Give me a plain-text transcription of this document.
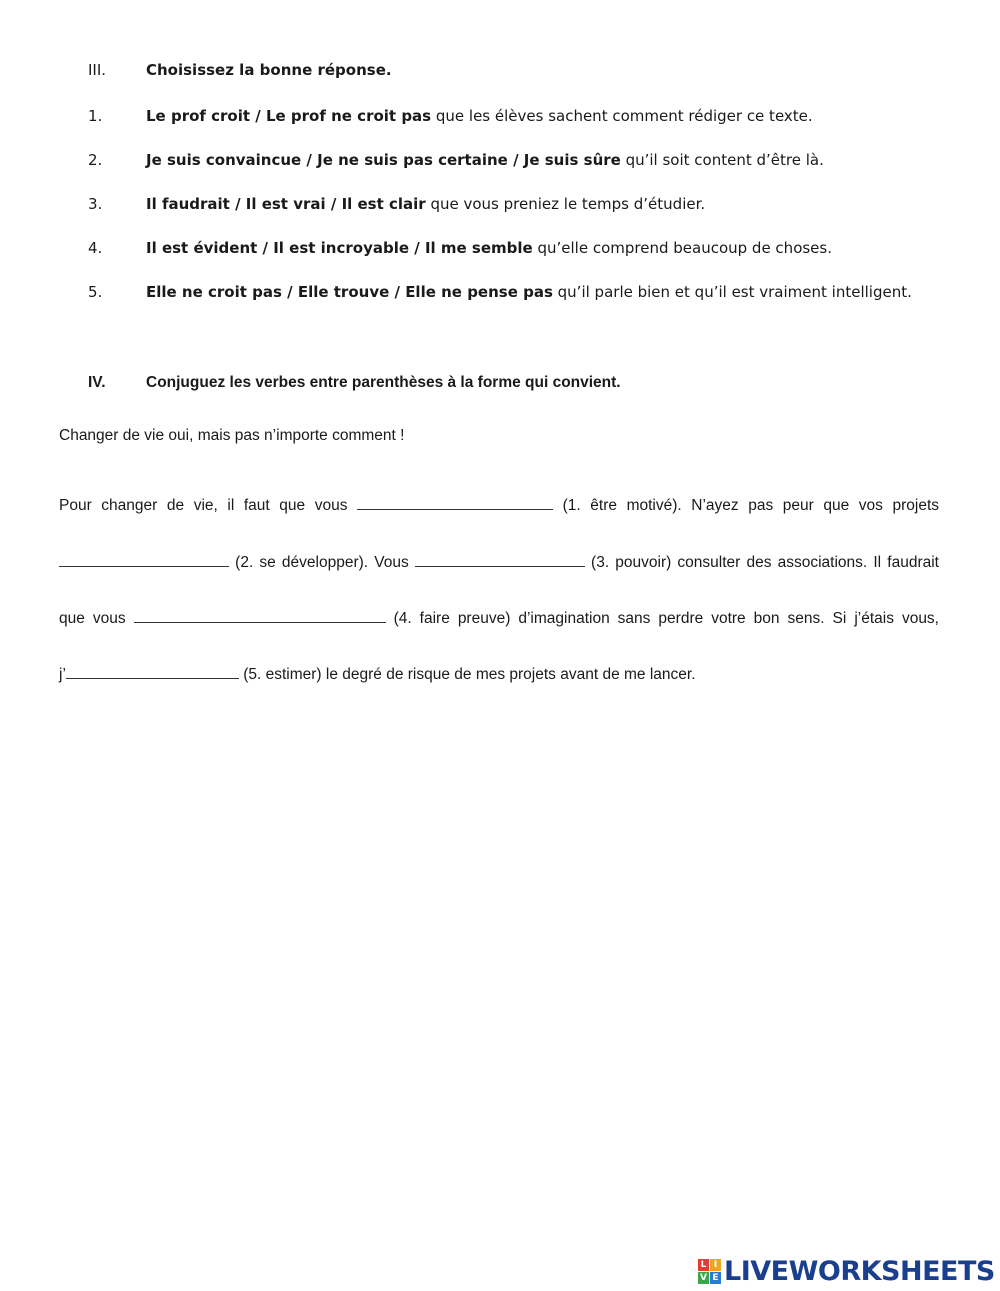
III.	Choisissez la bonne réponse.
1.	Le prof croit / Le prof ne croit pas que les élèves sachent comment rédiger ce texte.
2.	Je suis convaincue / Je ne suis pas certaine / Je suis sûre qu’il soit content d’être là.
3.	Il faudrait / Il est vrai / Il est clair que vous preniez le temps d’étudier.
4.	Il est évident / Il est incroyable / Il me semble qu’elle comprend beaucoup de choses.
5.	Elle ne croit pas / Elle trouve / Elle ne pense pas qu’il parle bien et qu’il est vraiment intelligent.
IV.	Conjuguez les verbes entre parenthèses à la forme qui convient.
Changer de vie oui, mais pas n’importe comment !
Pour changer de vie, il faut que vous	(1. être motivé). N’ayez pas peur que vos projets
(2. se développer). Vous	(3. pouvoir) consulter des associations. Il faudrait
que vous	(4. faire preuve) d’imagination sans perdre votre bon sens. Si j’étais vous,
j’	(5. estimer) le degré de risque de mes projets avant de me lancer.
L I
V E LIVEWORKSHEETS
